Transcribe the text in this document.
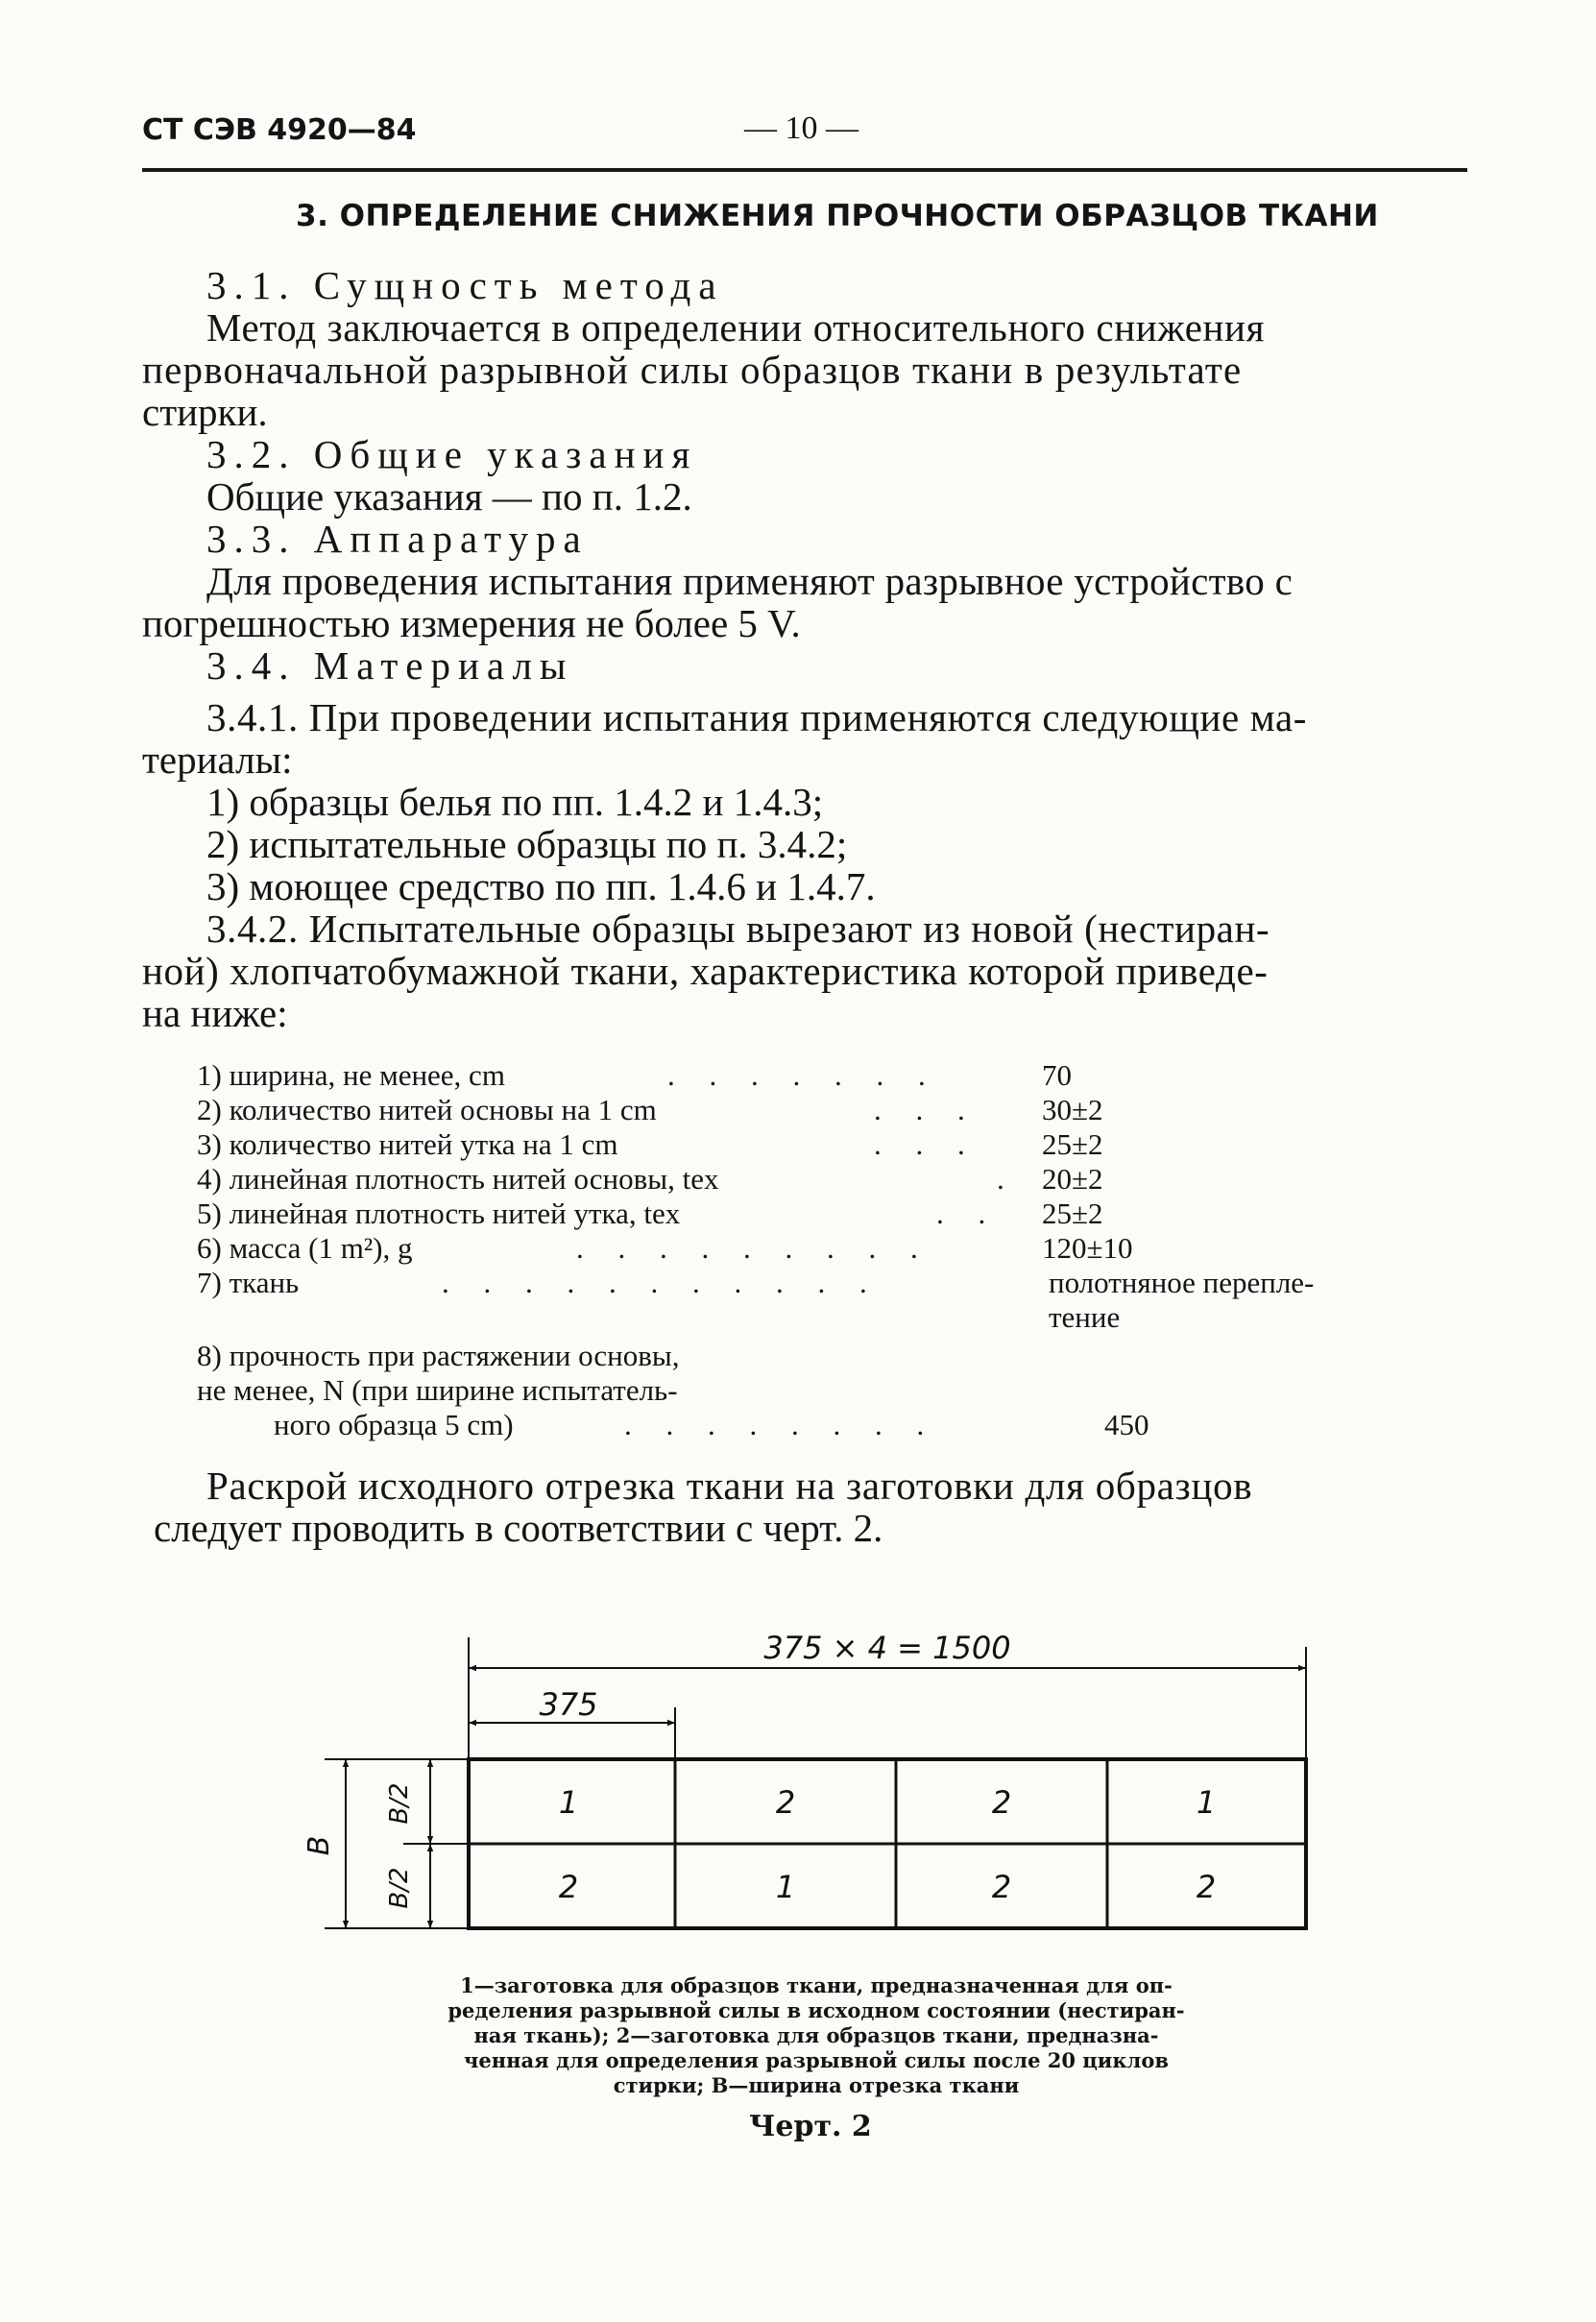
СТ СЭВ 4920—84	— 10 —
3. ОПРЕДЕЛЕНИЕ СНИЖЕНИЯ ПРОЧНОСТИ ОБРАЗЦОВ ТКАНИ
3.1. Сущность метода
Метод заключается в определении относительного снижения
первоначальной разрывной силы образцов ткани в результате
стирки.
3.2. Общие указания
Общие указания — по п. 1.2.
3.3. Аппаратура
Для проведения испытания применяют разрывное устройство с
погрешностью измерения не более 5 V.
3.4. Материалы
3.4.1. При проведении испытания применяются следующие ма-
териалы:
1) образцы белья по пп. 1.4.2 и 1.4.3;
2) испытательные образцы по п. 3.4.2;
3) моющее средство по пп. 1.4.6 и 1.4.7.
3.4.2. Испытательные образцы вырезают из новой (нестиран-
ной) хлопчатобумажной ткани, характеристика которой приведе-
на ниже:
1) ширина, не менее, cm	. . . . . . .	70
2) количество нитей основы на 1 cm	. . . 30±2
3) количество нитей утка на 1 cm	. . . 25±2
4) линейная плотность нитей основы, tex	. 20±2
5) линейная плотность нитей утка, tex	. . 25±2
6) масса (1 m²), g	. . . . . . . . .	120±10
7) ткань	. . . . . . . . . . .	полотняное перепле-
тение
8) прочность при растяжении основы,
не менее, N (при ширине испытатель-
ного образца 5 cm)	. . . . . . . .	450
Раскрой исходного отрезка ткани на заготовки для образцов
следует проводить в соответствии с черт. 2.
375 × 4 = 1500
375
B
B/2
B/2
1	2	2	1
2	1	2	2
1—заготовка для образцов ткани, предназначенная для оп-
ределения разрывной силы в исходном состоянии (нестиран-
ная ткань); 2—заготовка для образцов ткани, предназна-
ченная для определения разрывной силы после 20 циклов
стирки; B—ширина отрезка ткани
Черт. 2
